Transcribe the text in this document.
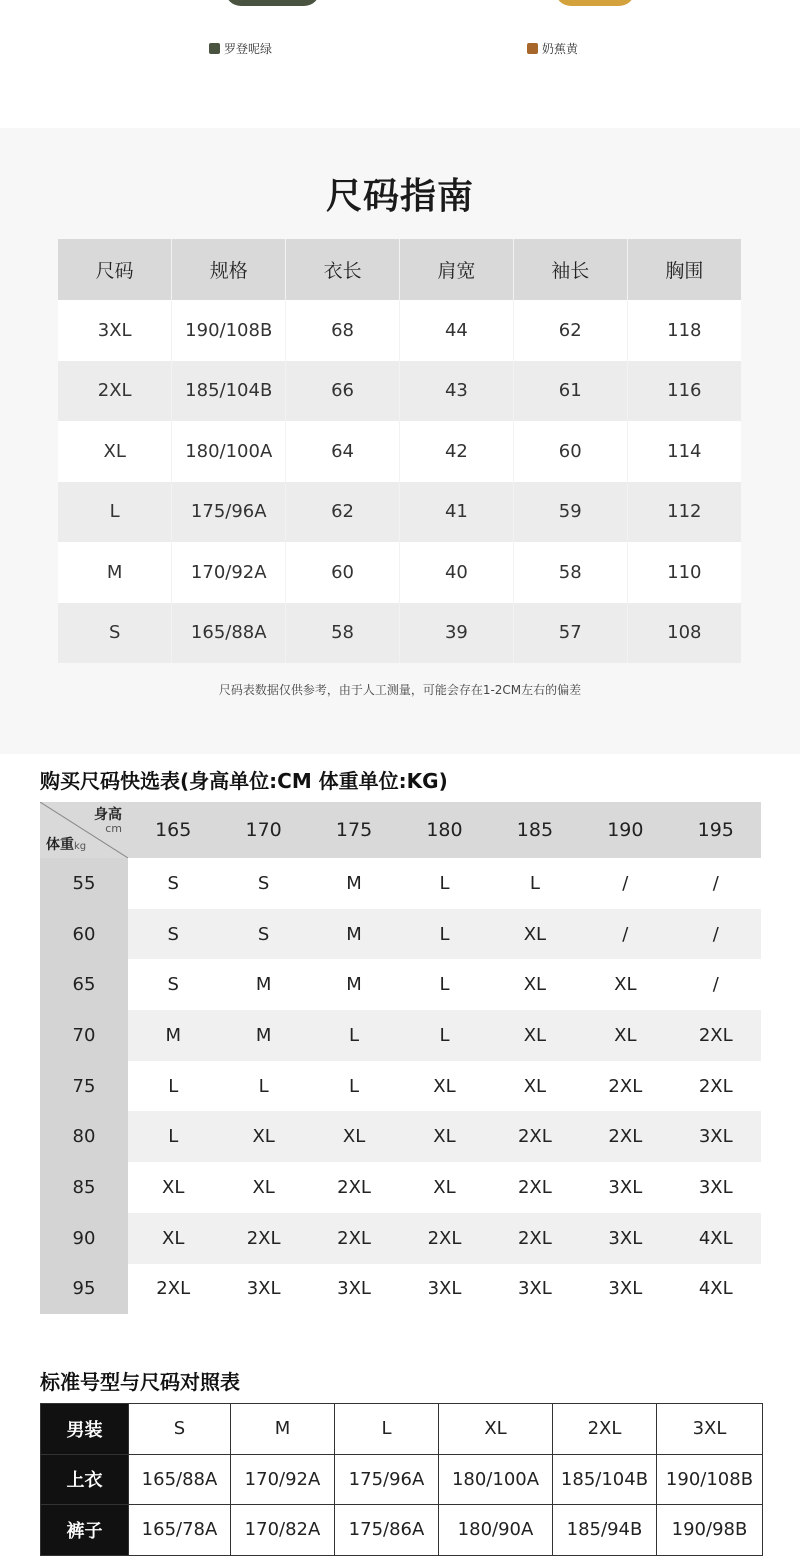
罗登呢绿	奶蕉黄
尺码指南
尺码	规格	衣长	肩宽	袖长	胸围
3XL	190/108B	68	44	62	118
2XL	185/104B	66	43	61	116
XL	180/100A	64	42	60	114
L	175/96A	62	41	59	112
M	170/92A	60	40	58	110
S	165/88A	58	39	57	108
尺码表数据仅供参考，由于人工测量，可能会存在1-2CM左右的偏差
购买尺码快选表(身高单位:CM 体重单位:KG)
身高
cm
体重kg	165	170	175	180	185	190	195
55	S	S	M	L	L	/	/
60	S	S	M	L	XL	/	/
65	S	M	M	L	XL	XL	/
70	M	M	L	L	XL	XL	2XL
75	L	L	L	XL	XL	2XL	2XL
80	L	XL	XL	XL	2XL	2XL	3XL
85	XL	XL	2XL	XL	2XL	3XL	3XL
90	XL	2XL	2XL	2XL	2XL	3XL	4XL
95	2XL	3XL	3XL	3XL	3XL	3XL	4XL
标准号型与尺码对照表
男装	S	M	L	XL	2XL	3XL
上衣	165/88A	170/92A	175/96A	180/100A	185/104B	190/108B
裤子	165/78A	170/82A	175/86A	180/90A	185/94B	190/98B
